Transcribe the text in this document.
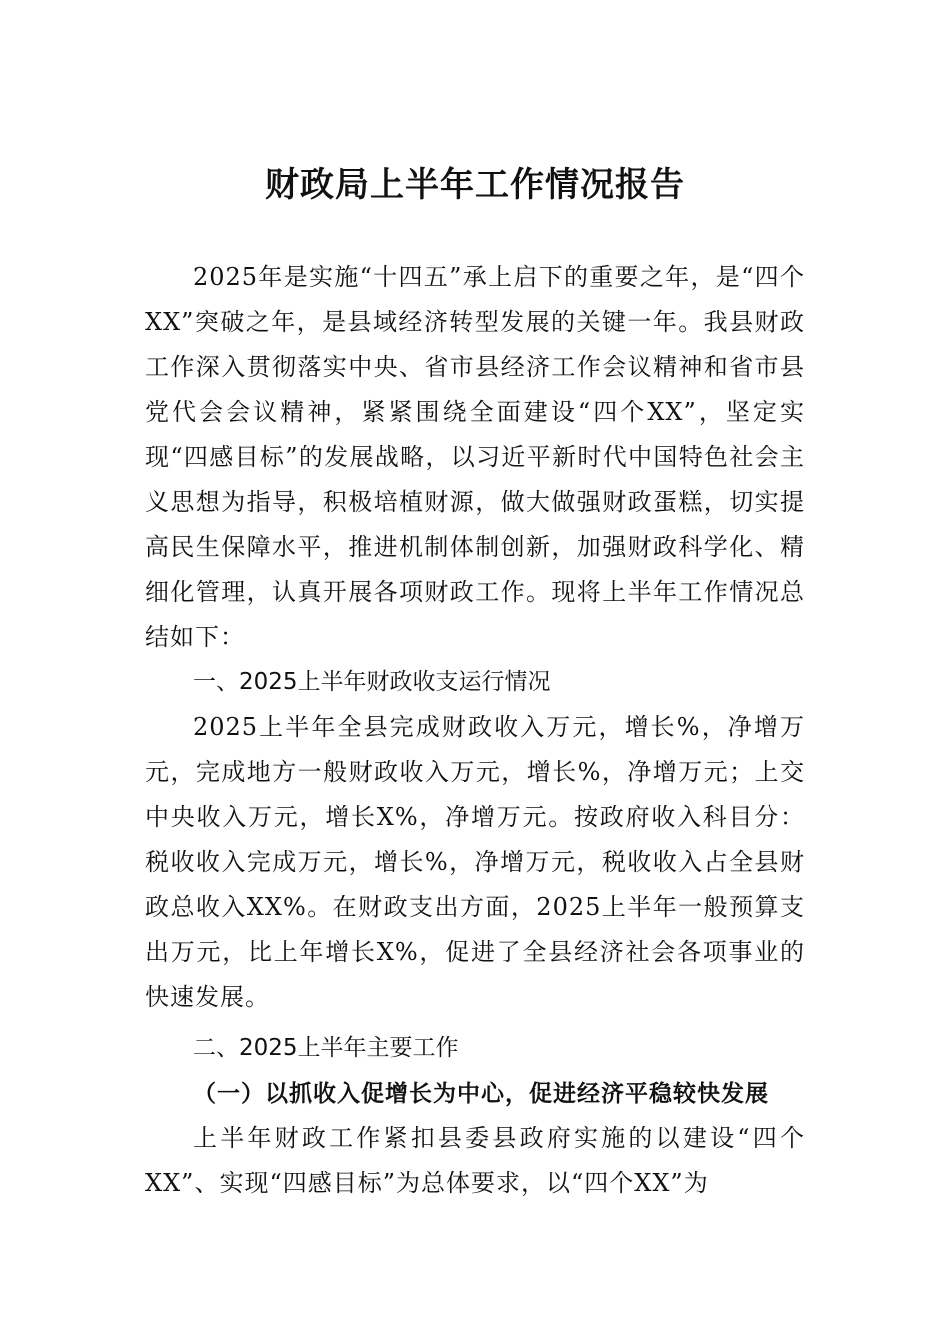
财政局上半年工作情况报告

2025年是实施“十四五”承上启下的重要之年，是“四个XX”突破之年，是县域经济转型发展的关键一年。我县财政工作深入贯彻落实中央、省市县经济工作会议精神和省市县党代会会议精神，紧紧围绕全面建设“四个XX”，坚定实现“四感目标”的发展战略，以习近平新时代中国特色社会主义思想为指导，积极培植财源，做大做强财政蛋糕，切实提高民生保障水平，推进机制体制创新，加强财政科学化、精细化管理，认真开展各项财政工作。现将上半年工作情况总结如下：

一、2025上半年财政收支运行情况

2025上半年全县完成财政收入万元，增长%，净增万元，完成地方一般财政收入万元，增长%，净增万元；上交中央收入万元，增长X%，净增万元。按政府收入科目分：税收收入完成万元，增长%，净增万元，税收收入占全县财政总收入XX%。在财政支出方面，2025上半年一般预算支出万元，比上年增长X%，促进了全县经济社会各项事业的快速发展。

二、2025上半年主要工作

（一）以抓收入促增长为中心，促进经济平稳较快发展

上半年财政工作紧扣县委县政府实施的以建设“四个XX”、实现“四感目标”为总体要求，以“四个XX”为
